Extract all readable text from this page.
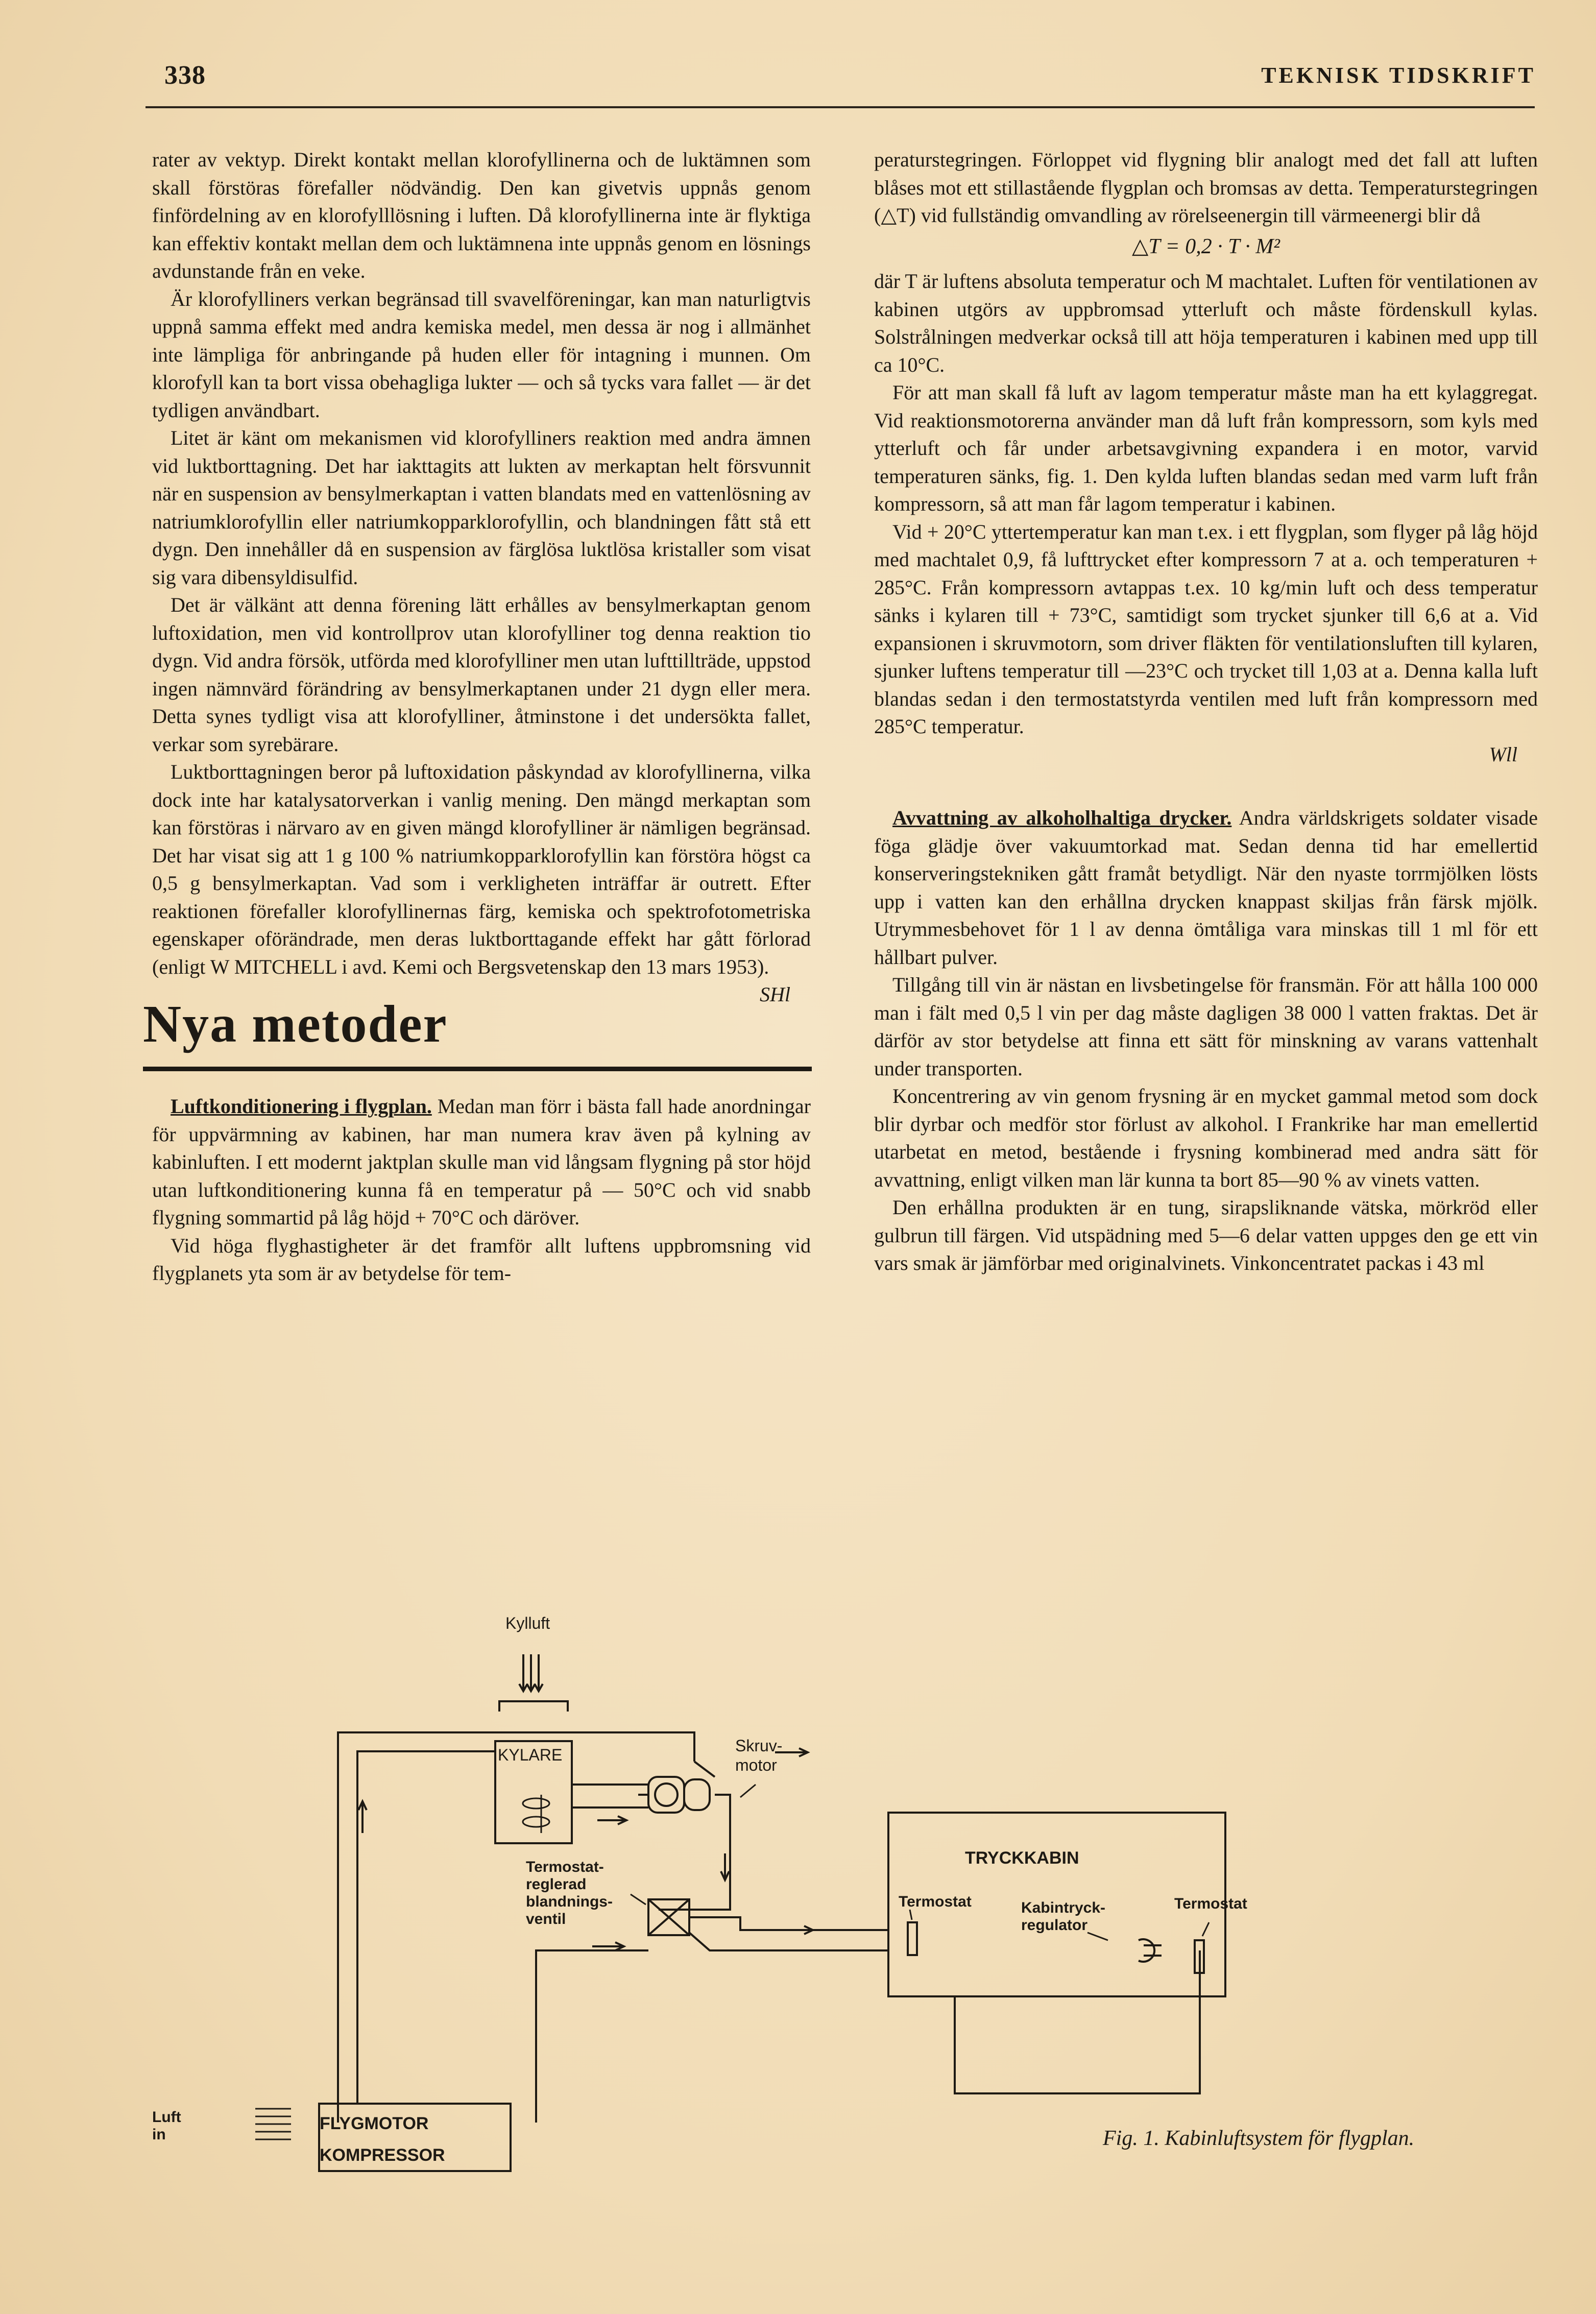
338	TEKNISK TIDSKRIFT

rater av vektyp. Direkt kontakt mellan klorofyllinerna och de luktämnen som skall förstöras förefaller nödvändig. Den kan givetvis uppnås genom finfördelning av en klorofylllösning i luften. Då klorofyllinerna inte är flyktiga kan effektiv kontakt mellan dem och luktämnena inte uppnås genom en lösnings avdunstande från en veke.

Är klorofylliners verkan begränsad till svavelföreningar, kan man naturligtvis uppnå samma effekt med andra kemiska medel, men dessa är nog i allmänhet inte lämpliga för anbringande på huden eller för intagning i munnen. Om klorofyll kan ta bort vissa obehagliga lukter — och så tycks vara fallet — är det tydligen användbart.

Litet är känt om mekanismen vid klorofylliners reaktion med andra ämnen vid luktborttagning. Det har iakttagits att lukten av merkaptan helt försvunnit när en suspension av bensylmerkaptan i vatten blandats med en vattenlösning av natriumklorofyllin eller natriumkopparklorofyllin, och blandningen fått stå ett dygn. Den innehåller då en suspension av färglösa luktlösa kristaller som visat sig vara dibensyldisulfid.

Det är välkänt att denna förening lätt erhålles av bensylmerkaptan genom luftoxidation, men vid kontrollprov utan klorofylliner tog denna reaktion tio dygn. Vid andra försök, utförda med klorofylliner men utan lufttillträde, uppstod ingen nämnvärd förändring av bensylmerkaptanen under 21 dygn eller mera. Detta synes tydligt visa att klorofylliner, åtminstone i det undersökta fallet, verkar som syrebärare.

Luktborttagningen beror på luftoxidation påskyndad av klorofyllinerna, vilka dock inte har katalysatorverkan i vanlig mening. Den mängd merkaptan som kan förstöras i närvaro av en given mängd klorofylliner är nämligen begränsad. Det har visat sig att 1 g 100 % natriumkopparklorofyllin kan förstöra högst ca 0,5 g bensylmerkaptan. Vad som i verkligheten inträffar är outrett. Efter reaktionen förefaller klorofyllinernas färg, kemiska och spektrofotometriska egenskaper oförändrade, men deras luktborttagande effekt har gått förlorad (enligt W MITCHELL i avd. Kemi och Bergsvetenskap den 13 mars 1953).
SHl

Nya metoder

Luftkonditionering i flygplan. Medan man förr i bästa fall hade anordningar för uppvärmning av kabinen, har man numera krav även på kylning av kabinluften. I ett modernt jaktplan skulle man vid långsam flygning på stor höjd utan luftkonditionering kunna få en temperatur på — 50°C och vid snabb flygning sommartid på låg höjd + 70°C och däröver.

Vid höga flyghastigheter är det framför allt luftens uppbromsning vid flygplanets yta som är av betydelse för tem-

peraturstegringen. Förloppet vid flygning blir analogt med det fall att luften blåses mot ett stillastående flygplan och bromsas av detta. Temperaturstegringen (△T) vid fullständig omvandling av rörelseenergin till värmeenergi blir då

△T = 0,2 · T · M²

där T är luftens absoluta temperatur och M machtalet. Luften för ventilationen av kabinen utgörs av uppbromsad ytterluft och måste fördenskull kylas. Solstrålningen medverkar också till att höja temperaturen i kabinen med upp till ca 10°C.

För att man skall få luft av lagom temperatur måste man ha ett kylaggregat. Vid reaktionsmotorerna använder man då luft från kompressorn, som kyls med ytterluft och får under arbetsavgivning expandera i en motor, varvid temperaturen sänks, fig. 1. Den kylda luften blandas sedan med varm luft från kompressorn, så att man får lagom temperatur i kabinen.

Vid + 20°C yttertemperatur kan man t.ex. i ett flygplan, som flyger på låg höjd med machtalet 0,9, få lufttrycket efter kompressorn 7 at a. och temperaturen + 285°C. Från kompressorn avtappas t.ex. 10 kg/min luft och dess temperatur sänks i kylaren till + 73°C, samtidigt som trycket sjunker till 6,6 at a. Vid expansionen i skruvmotorn, som driver fläkten för ventilationsluften till kylaren, sjunker luftens temperatur till —23°C och trycket till 1,03 at a. Denna kalla luft blandas sedan i den termostatstyrda ventilen med luft från kompressorn med 285°C temperatur.

Wll

Avvattning av alkoholhaltiga drycker. Andra världskrigets soldater visade föga glädje över vakuumtorkad mat. Sedan denna tid har emellertid konserveringstekniken gått framåt betydligt. När den nyaste torrmjölken lösts upp i vatten kan den erhållna drycken knappast skiljas från färsk mjölk. Utrymmesbehovet för 1 l av denna ömtåliga vara minskas till 1 ml för ett hållbart pulver.

Tillgång till vin är nästan en livsbetingelse för fransmän. För att hålla 100 000 man i fält med 0,5 l vin per dag måste dagligen 38 000 l vatten fraktas. Det är därför av stor betydelse att finna ett sätt för minskning av varans vattenhalt under transporten.

Koncentrering av vin genom frysning är en mycket gammal metod som dock blir dyrbar och medför stor förlust av alkohol. I Frankrike har man emellertid utarbetat en metod, bestående i frysning kombinerad med andra sätt för avvattning, enligt vilken man lär kunna ta bort 85—90 % av vinets vatten.

Den erhållna produkten är en tung, sirapsliknande vätska, mörkröd eller gulbrun till färgen. Vid utspädning med 5—6 delar vatten uppges den ge ett vin vars smak är jämförbar med originalvinets. Vinkoncentratet packas i 43 ml

Kylluft
KYLARE	Skruv-
motor
Termostat-
reglerad
blandnings-
ventil
TRYCKKABIN
Termostat	Kabintryck-
regulator
Termostat
Luft
in
FLYGMOTOR
KOMPRESSOR
Fig. 1. Kabinluftsystem för flygplan.
